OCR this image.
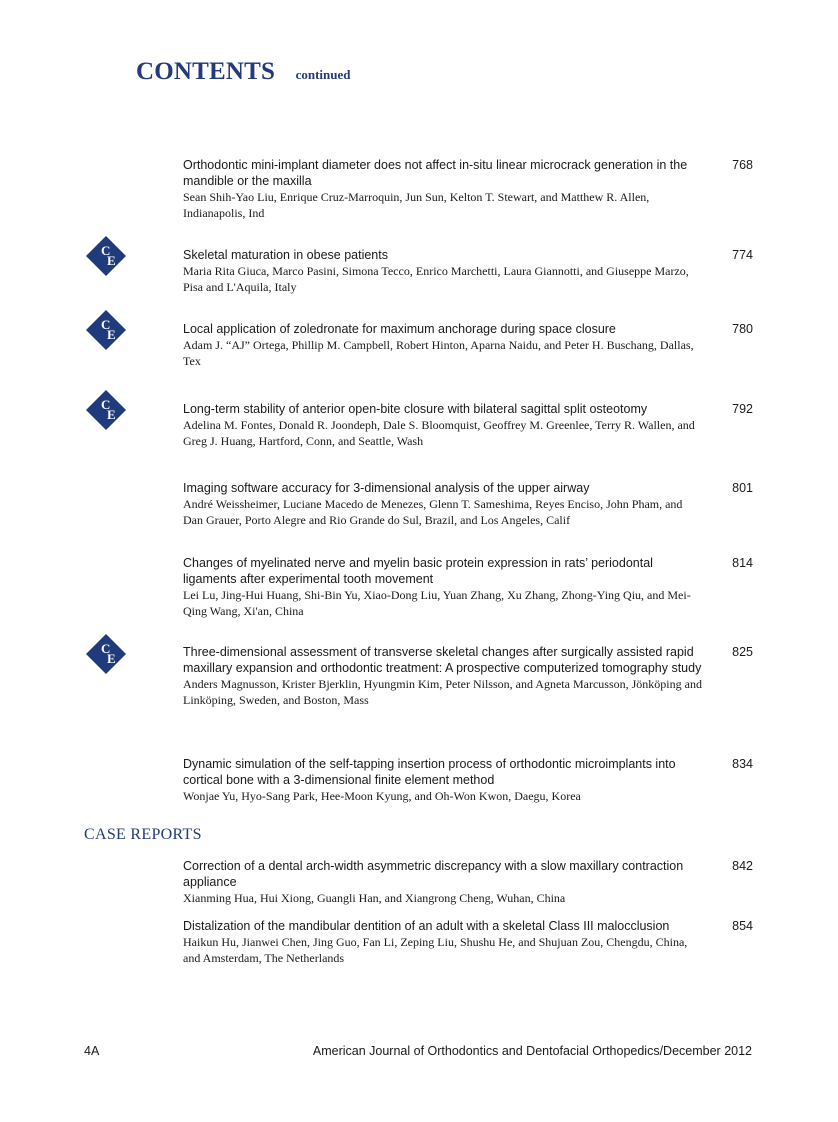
CONTENTS continued
C
E
C
E
C
E
C
E
Orthodontic mini-implant diameter does not affect in-situ linear microcrack generation in the mandible or the maxilla
Sean Shih-Yao Liu, Enrique Cruz-Marroquin, Jun Sun, Kelton T. Stewart, and Matthew R. Allen, Indianapolis, Ind
768
Skeletal maturation in obese patients
Maria Rita Giuca, Marco Pasini, Simona Tecco, Enrico Marchetti, Laura Giannotti, and Giuseppe Marzo, Pisa and L'Aquila, Italy
774
Local application of zoledronate for maximum anchorage during space closure
Adam J. “AJ” Ortega, Phillip M. Campbell, Robert Hinton, Aparna Naidu, and Peter H. Buschang, Dallas, Tex
780
Long-term stability of anterior open-bite closure with bilateral sagittal split osteotomy
Adelina M. Fontes, Donald R. Joondeph, Dale S. Bloomquist, Geoffrey M. Greenlee, Terry R. Wallen, and Greg J. Huang, Hartford, Conn, and Seattle, Wash
792
Imaging software accuracy for 3-dimensional analysis of the upper airway
André Weissheimer, Luciane Macedo de Menezes, Glenn T. Sameshima, Reyes Enciso, John Pham, and Dan Grauer, Porto Alegre and Rio Grande do Sul, Brazil, and Los Angeles, Calif
801
Changes of myelinated nerve and myelin basic protein expression in rats’ periodontal ligaments after experimental tooth movement
Lei Lu, Jing-Hui Huang, Shi-Bin Yu, Xiao-Dong Liu, Yuan Zhang, Xu Zhang, Zhong-Ying Qiu, and Mei-Qing Wang, Xi'an, China
814
Three-dimensional assessment of transverse skeletal changes after surgically assisted rapid maxillary expansion and orthodontic treatment: A prospective computerized tomography study
Anders Magnusson, Krister Bjerklin, Hyungmin Kim, Peter Nilsson, and Agneta Marcusson, Jönköping and Linköping, Sweden, and Boston, Mass
825
Dynamic simulation of the self-tapping insertion process of orthodontic microimplants into cortical bone with a 3-dimensional finite element method
Wonjae Yu, Hyo-Sang Park, Hee-Moon Kyung, and Oh-Won Kwon, Daegu, Korea
834
CASE REPORTS
Correction of a dental arch-width asymmetric discrepancy with a slow maxillary contraction appliance
Xianming Hua, Hui Xiong, Guangli Han, and Xiangrong Cheng, Wuhan, China
842
Distalization of the mandibular dentition of an adult with a skeletal Class III malocclusion
Haikun Hu, Jianwei Chen, Jing Guo, Fan Li, Zeping Liu, Shushu He, and Shujuan Zou, Chengdu, China, and Amsterdam, The Netherlands
854
4A	American Journal of Orthodontics and Dentofacial Orthopedics/December 2012
